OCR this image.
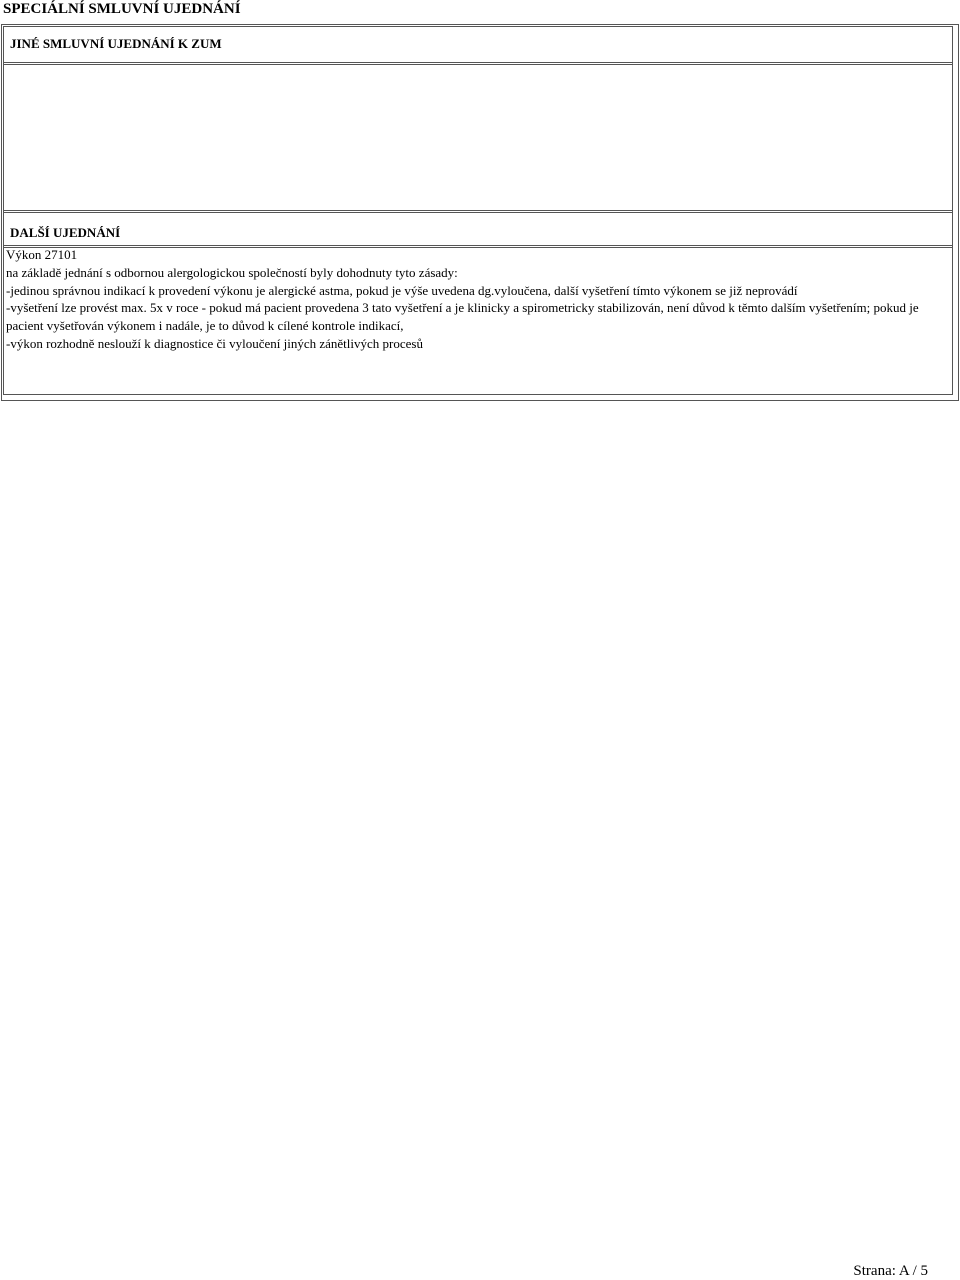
SPECIÁLNÍ SMLUVNÍ UJEDNÁNÍ
JINÉ SMLUVNÍ UJEDNÁNÍ K ZUM
DALŠÍ UJEDNÁNÍ
Výkon 27101
na základě jednání s odbornou alergologickou společností byly dohodnuty tyto zásady:
-jedinou správnou indikací k provedení výkonu je alergické astma, pokud je výše uvedena dg.vyloučena, další vyšetření tímto výkonem se již neprovádí
-vyšetření lze provést max. 5x v roce - pokud má pacient provedena 3 tato vyšetření a je klinicky a spirometricky stabilizován, není důvod k těmto dalším vyšetřením; pokud je pacient vyšetřován výkonem i nadále, je to důvod k cílené kontrole indikací,
-výkon rozhodně neslouží k diagnostice či vyloučení jiných zánětlivých procesů
Strana: A / 5
